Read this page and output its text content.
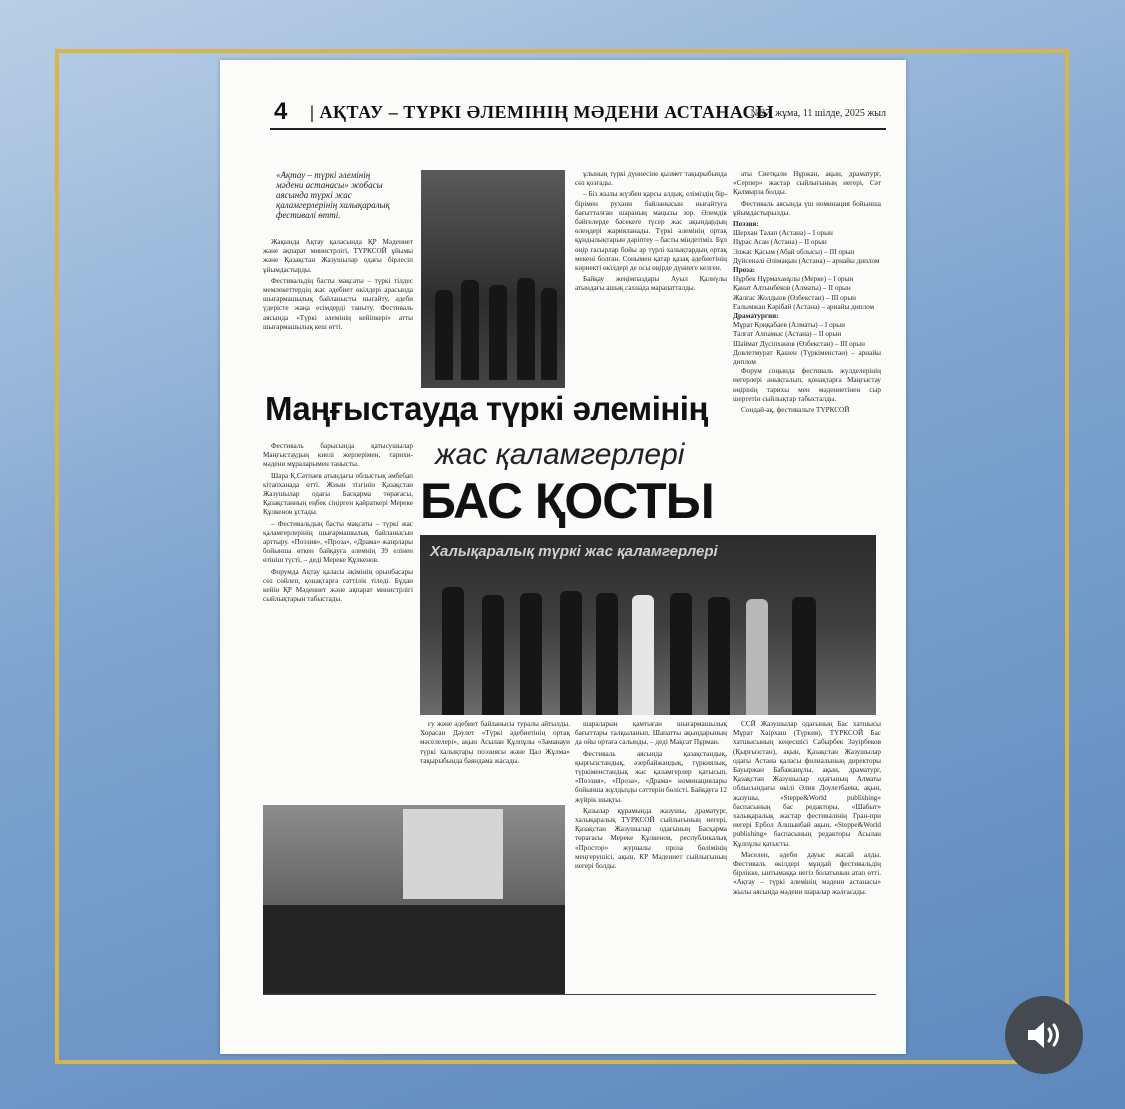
4 | АҚТАУ – ТҮРКІ ӘЛЕМІНІҢ МӘДЕНИ АСТАНАСЫ
№27, жұма, 11 шілде, 2025 жыл
«Ақтау – түркі әлемінің мәдени астанасы» жобасы аясында түркі жас қаламгерлерінің халықаралық фестивалі өтті.

Жақында Ақтау қаласында ҚР Мәдениет және ақпарат министрлігі, ТҮРКСОЙ ұйымы және Қазақстан Жазушылар одағы бірлесіп ұйымдастырды.

Фестивальдің басты мақсаты – түркі тілдес мемлекеттердің жас әдебиет өкілдері арасында шығармашылық байланысты нығайту, әдеби үдерісте жаңа есімдерді таныту. Фестиваль аясында «Түркі әлемінің кейіпкері» атты шығармашылық кеш өтті.

ұлының түркі дүниесіне қызмет тақырыбында сөз қозғады.

– Біз жылы жүзбен қарсы алдық, еліміздің бір-бірімен рухани байланысын нығайтуға бағытталған шараның маңызы зор. Әлемдік бәйгелерде бәсекеге түсер жас ақындардың өлеңдері жарияланады. Түркі әлемінің ортақ құндылықтарын дәріптеу – басты міндетіміз. Бұл өңір ғасырлар бойы әр түрлі халықтардың ортақ мекені болған. Сонымен қатар қазақ әдебиетінің көрнекті өкілдері де осы өңірде дүниеге келген.

Байқау жеңімпаздары Ауыл Қалиүлы атындағы ашық сахнада марапатталды.

аты Светқали Нұржан, ақын, драматург, «Серпер» жастар сыйлығының иегері, Сәт Қалмырза болды.

Фестиваль аясында үш номинация бойынша ұйымдастырылды.

Поэзия:
Шерхан Талап (Астана) – I орын
Нұрас Асан (Астана) – II орын
Элжас Қасым (Абай облысы) – III орын
Дүйсенәлі Әлімақын (Астана) – арнайы диплом
Проза:
Нұрбек Нұрмаханұлы (Мерке) – I орын
Қанат Алтынбеков (Алматы) – II орын
Жалғас Жолдыов (Өзбекстан) – III орын
Ғалымжан Кәрібай (Астана) – арнайы диплом
Драматургия:
Мұрат Қоңқабаев (Алматы) – I орын
Талғат Алпамыс (Астана) – II орын
Шаймат Дүсіпханов (Өзбекстан) – III орын
Довлетмурат Қашен (Түркіменстан) – арнайы диплом

Форум соңында фестиваль жүлделерінің иегерлері анықталып, қонақтарға Маңғыстау өңірінің тарихы мен мәдениетінен сыр шертетін сыйлықтар табысталды.

Сондай-ақ, фестивальге ТҮРКСОЙ

Маңғыстауда түркі әлемінің
жас қаламгерлері
БАС ҚОСТЫ

Фестиваль барысында қатысушылар Маңғыстаудың киелі жерлерімен, тарихи-мәдени мұраларымен танысты.

Шара Қ.Сәтпаев атындағы облыстық әмбебап кітапханада өтті. Жиын тізгінін Қазақстан Жазушылар одағы Басқарма төрағасы, Қазақстанның еңбек сіңірген қайраткері Мереке Құлкенов ұстады.

– Фестивальдың басты мақсаты – түркі жас қаламгерлерінің шығармашылық байланысын арттыру. «Поэзия», «Проза», «Драма» жанрлары бойынша өткен байқауға әлемнің 39 елінен өтініш түсті, – деді Мереке Құлкенов.

Форумда Ақтау қаласы әкімінің орынбасары сөз сөйлеп, қонақтарға сәттілік тіледі. Бұдан кейін ҚР Мәдениет және ақпарат министрлігі сыйлықтарын табыстады.

Халықаралық түркі жас қаламгерлері

ғу және әдебиет байланысы туралы айтылды. Хорасан Дәулет «Түркі әдебиетінің ортақ мәселелері», ақын Асылан Құлпұлы «Заманауи түркі халықтары поэзиясы және Цал Жұлма» тақырыбында баяндама жасады.

шараларын қамтыған шығармашылық бағыттары талқыланып, Шапатты ақындарының да ойы ортаға салынды, – деді Мақсат Пұрман.

Фестиваль аясында қазақстандық, қырғызстандық, әзербайжандық, түркиялық, түркіменстандық жас қаламгерлер қатысып, «Поэзия», «Проза», «Драма» номинациялары бойынша жұлдызды сәттерін бөлісті. Байқауға 12 жүйрік шықты.

Қазылар құрамында жазушы, драматург, халықаралық ТҮРКСОЙ сыйлығының иегері, Қазақстан Жазушылар одағының Басқарма төрағасы Мереке Құлкенов, республикалық «Простор» журналы проза бөлімінің меңгерушісі, ақын, КР Мәдениет сыйлығының иегері болды.

ССЙ Жазушылар одағының Бас хатшысы Мұрат Хаірхаш (Түркия), ТҮРКСОЙ Бас хатшысының кеңесшісі Сабырбек Зәуірбеков (Қырғызстан), ақын, Қазақстан Жазушылар одағы Астана қаласы филиалының директоры Бауыржан Бабажанұлы, ақын, драматург, Қазақстан Жазушылар одағының Алматы облысындағы өкілі Әлия Доулетбаева, ақын, жазушы, «Steppe&World publishing» баспасының бас редакторы, «Шабыт» халықаралық жастар фестивалінің Гран-при иегері Ербол Алшынбай ақын, «Steppe&World publishing» баспасының редакторы Асылан Құлпұлы қатысты.

Мәселен, әдеби дауыс жасай алды. Фестиваль өкілдері мұндай фестивальдің бірлікке, ынтымаққа негіз болатынын атап өтті. «Ақтау – түркі әлемінің мәдени астанасы» жылы аясында мәдени шаралар жалғасады.
